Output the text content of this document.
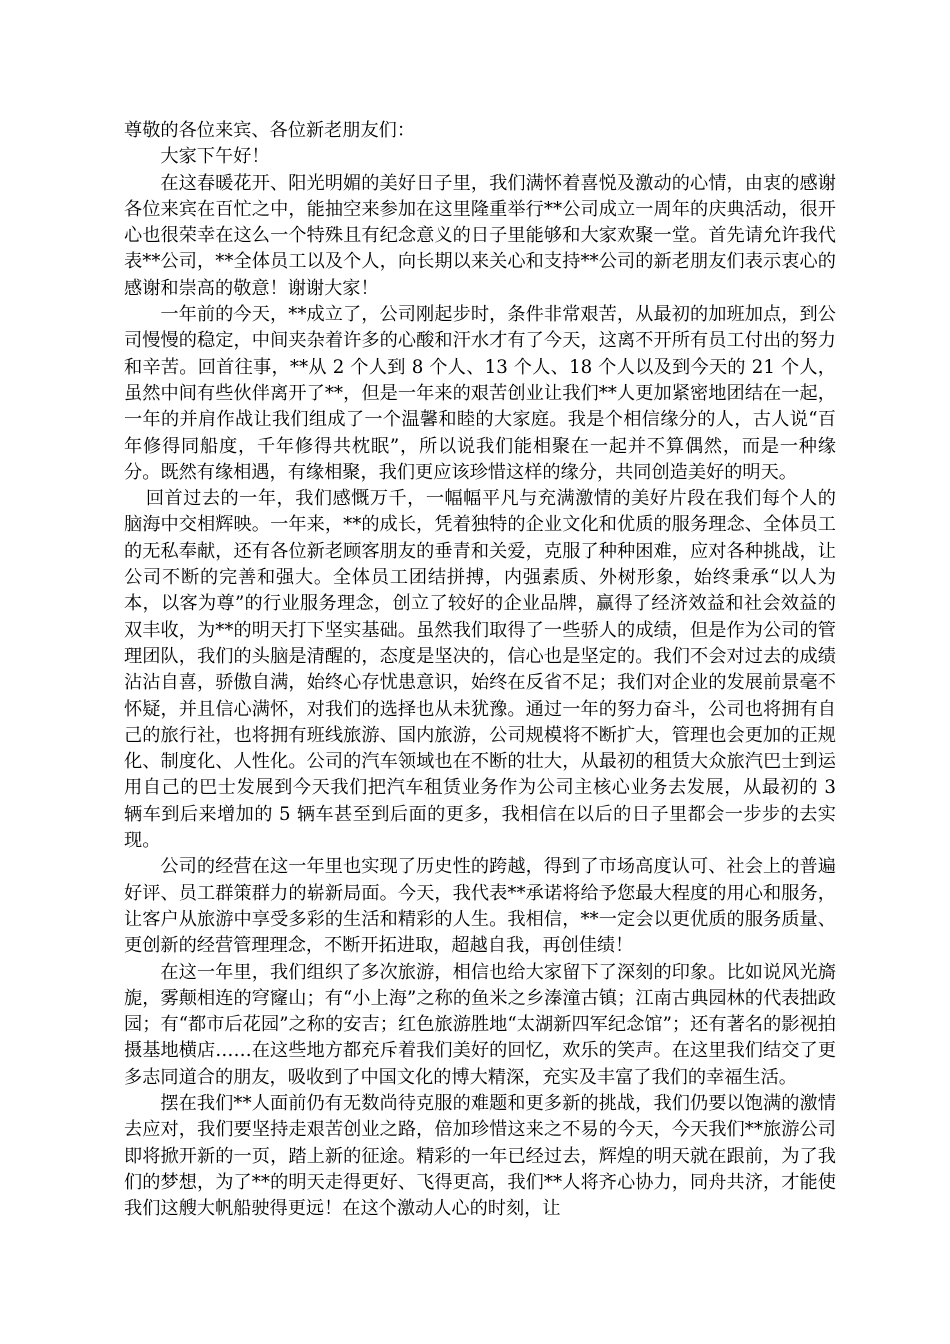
尊敬的各位来宾、各位新老朋友们：

大家下午好！

在这春暖花开、阳光明媚的美好日子里，我们满怀着喜悦及激动的心情，由衷的感谢各位来宾在百忙之中，能抽空来参加在这里隆重举行**公司成立一周年的庆典活动，很开心也很荣幸在这么一个特殊且有纪念意义的日子里能够和大家欢聚一堂。首先请允许我代表**公司，**全体员工以及个人，向长期以来关心和支持**公司的新老朋友们表示衷心的感谢和崇高的敬意！谢谢大家！

一年前的今天，**成立了，公司刚起步时，条件非常艰苦，从最初的加班加点，到公司慢慢的稳定，中间夹杂着许多的心酸和汗水才有了今天，这离不开所有员工付出的努力和辛苦。回首往事，**从 2 个人到 8 个人、13 个人、18 个人以及到今天的 21 个人，虽然中间有些伙伴离开了**，但是一年来的艰苦创业让我们**人更加紧密地团结在一起，一年的并肩作战让我们组成了一个温馨和睦的大家庭。我是个相信缘分的人，古人说“百年修得同船度，千年修得共枕眠”，所以说我们能相聚在一起并不算偶然，而是一种缘分。既然有缘相遇，有缘相聚，我们更应该珍惜这样的缘分，共同创造美好的明天。

回首过去的一年，我们感慨万千，一幅幅平凡与充满激情的美好片段在我们每个人的脑海中交相辉映。一年来，**的成长，凭着独特的企业文化和优质的服务理念、全体员工的无私奉献，还有各位新老顾客朋友的垂青和关爱，克服了种种困难，应对各种挑战，让公司不断的完善和强大。全体员工团结拼搏，内强素质、外树形象，始终秉承“以人为本，以客为尊”的行业服务理念，创立了较好的企业品牌，赢得了经济效益和社会效益的双丰收，为**的明天打下坚实基础。虽然我们取得了一些骄人的成绩，但是作为公司的管理团队，我们的头脑是清醒的，态度是坚决的，信心也是坚定的。我们不会对过去的成绩沾沾自喜，骄傲自满，始终心存忧患意识，始终在反省不足；我们对企业的发展前景毫不怀疑，并且信心满怀，对我们的选择也从未犹豫。通过一年的努力奋斗，公司也将拥有自己的旅行社，也将拥有班线旅游、国内旅游，公司规模将不断扩大，管理也会更加的正规化、制度化、人性化。公司的汽车领域也在不断的壮大，从最初的租赁大众旅汽巴士到运用自己的巴士发展到今天我们把汽车租赁业务作为公司主核心业务去发展，从最初的 3 辆车到后来增加的 5 辆车甚至到后面的更多，我相信在以后的日子里都会一步步的去实现。

公司的经营在这一年里也实现了历史性的跨越，得到了市场高度认可、社会上的普遍好评、员工群策群力的崭新局面。今天，我代表**承诺将给予您最大程度的用心和服务，让客户从旅游中享受多彩的生活和精彩的人生。我相信，**一定会以更优质的服务质量、更创新的经营管理理念，不断开拓进取，超越自我，再创佳绩！

在这一年里，我们组织了多次旅游，相信也给大家留下了深刻的印象。比如说风光旖旎，雾颠相连的穹窿山；有“小上海”之称的鱼米之乡溱潼古镇；江南古典园林的代表拙政园；有“都市后花园”之称的安吉；红色旅游胜地“太湖新四军纪念馆”；还有著名的影视拍摄基地横店……在这些地方都充斥着我们美好的回忆，欢乐的笑声。在这里我们结交了更多志同道合的朋友，吸收到了中国文化的博大精深，充实及丰富了我们的幸福生活。

摆在我们**人面前仍有无数尚待克服的难题和更多新的挑战，我们仍要以饱满的激情去应对，我们要坚持走艰苦创业之路，倍加珍惜这来之不易的今天，今天我们**旅游公司即将掀开新的一页，踏上新的征途。精彩的一年已经过去，辉煌的明天就在跟前，为了我们的梦想，为了**的明天走得更好、飞得更高，我们**人将齐心协力，同舟共济，才能使我们这艘大帆船驶得更远！在这个激动人心的时刻，让
